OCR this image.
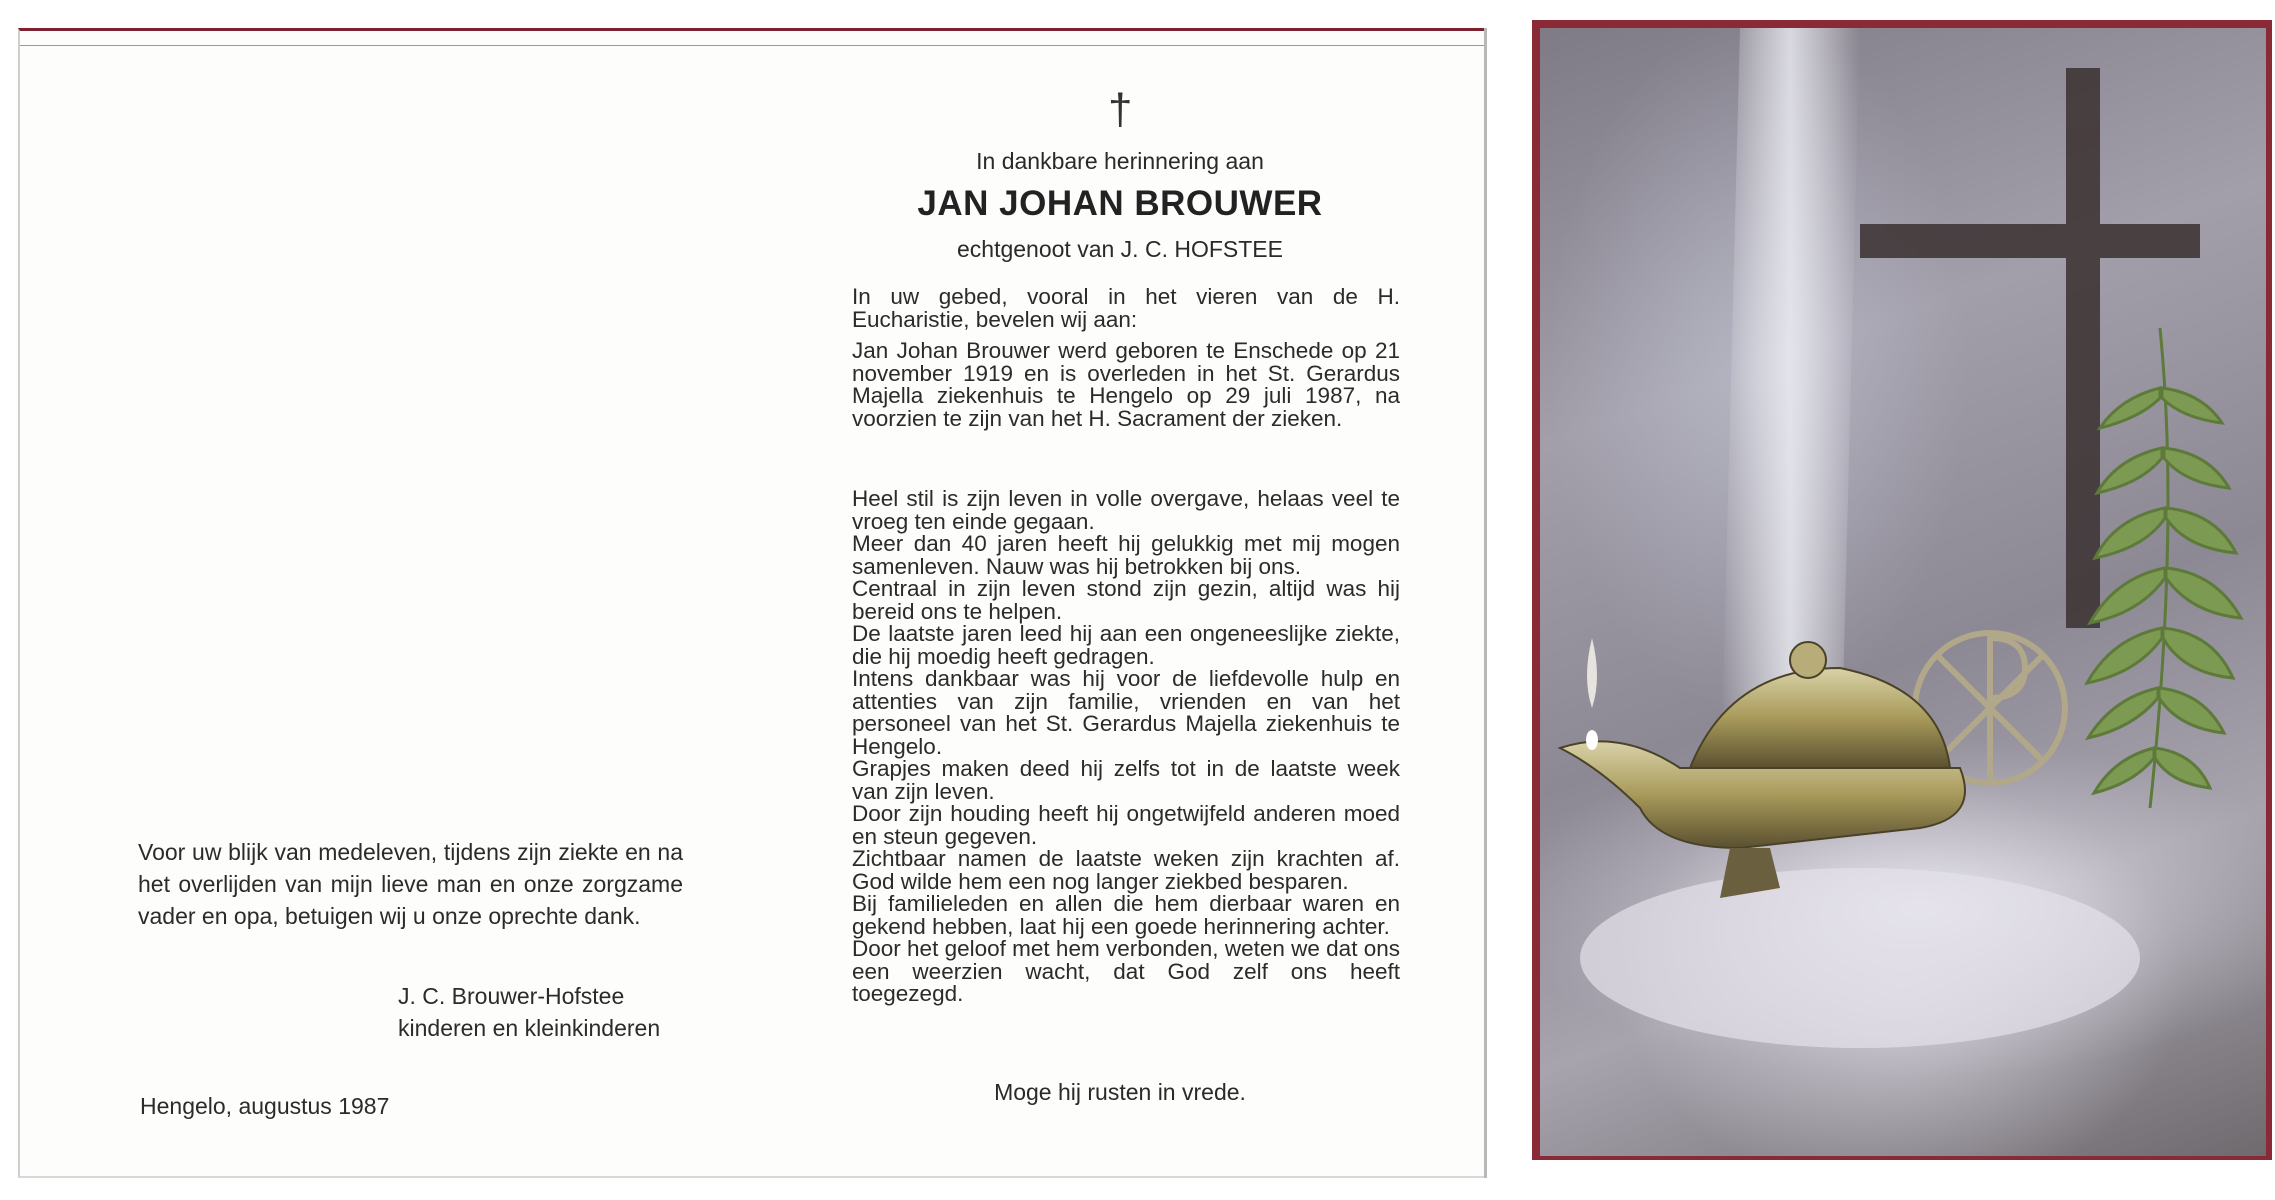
Voor uw blijk van medeleven, tijdens zijn ziekte en na het overlijden van mijn lieve man en onze zorgzame vader en opa, betuigen wij u onze oprechte dank.
J. C. Brouwer-Hofstee
kinderen en kleinkinderen
Hengelo, augustus 1987
†
In dankbare herinnering aan
JAN JOHAN BROUWER
echtgenoot van J. C. HOFSTEE

In uw gebed, vooral in het vieren van de H. Eucharistie, bevelen wij aan:

Jan Johan Brouwer werd geboren te Enschede op 21 november 1919 en is overleden in het St. Gerardus Majella ziekenhuis te Hengelo op 29 juli 1987, na voorzien te zijn van het H. Sacrament der zieken.

Heel stil is zijn leven in volle overgave, helaas veel te vroeg ten einde gegaan.

Meer dan 40 jaren heeft hij gelukkig met mij mogen samenleven. Nauw was hij betrokken bij ons.

Centraal in zijn leven stond zijn gezin, altijd was hij bereid ons te helpen.

De laatste jaren leed hij aan een ongeneeslijke ziekte, die hij moedig heeft gedragen.

Intens dankbaar was hij voor de liefdevolle hulp en attenties van zijn familie, vrienden en van het personeel van het St. Gerardus Majella ziekenhuis te Hengelo.

Grapjes maken deed hij zelfs tot in de laatste week van zijn leven.

Door zijn houding heeft hij ongetwijfeld anderen moed en steun gegeven.

Zichtbaar namen de laatste weken zijn krachten af. God wilde hem een nog langer ziekbed besparen.

Bij familieleden en allen die hem dierbaar waren en gekend hebben, laat hij een goede herinnering achter.

Door het geloof met hem verbonden, weten we dat ons een weerzien wacht, dat God zelf ons heeft toegezegd.

Moge hij rusten in vrede.
